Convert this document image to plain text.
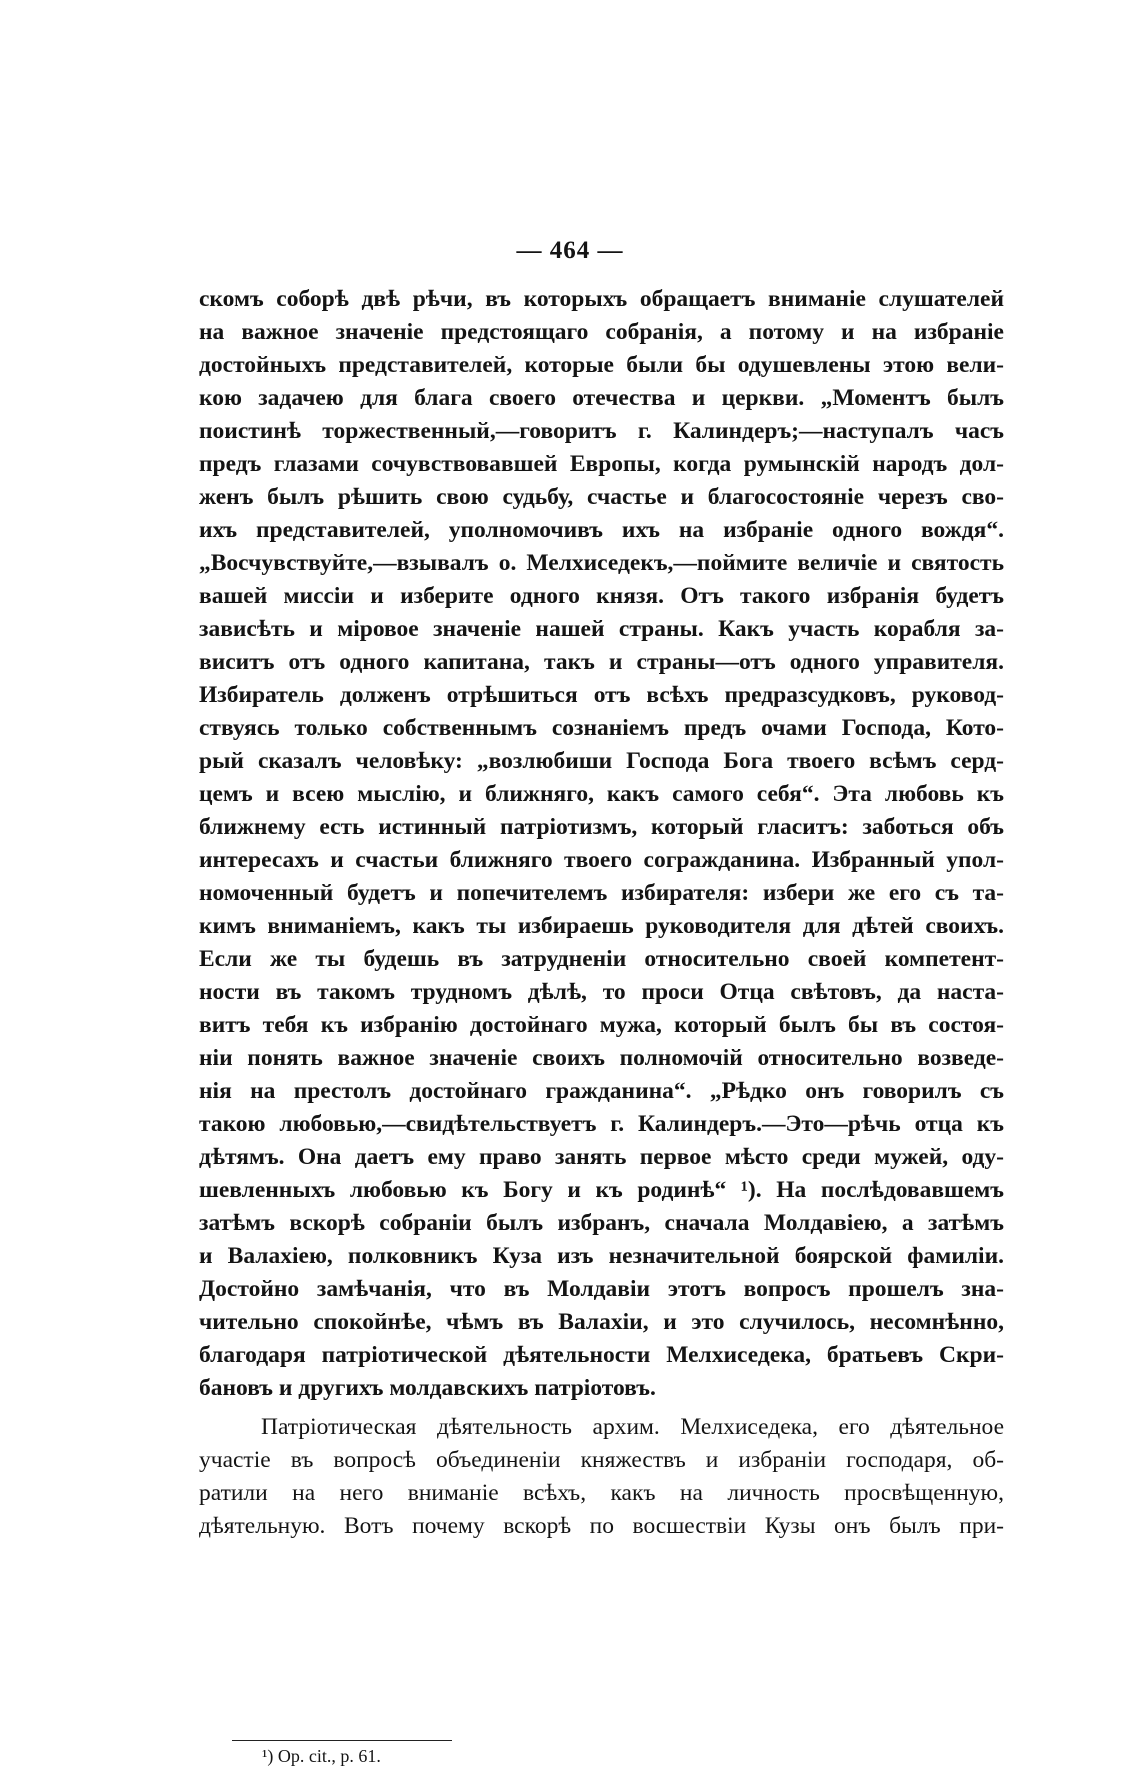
— 464 —
скомъ соборѣ двѣ рѣчи, въ которыхъ обращаетъ вниманіе слушателей
на важное значеніе предстоящаго собранія, а потому и на избраніе
достойныхъ представителей, которые были бы одушевлены этою вели-
кою задачею для блага своего отечества и церкви. „Моментъ былъ
поистинѣ торжественный,—говоритъ г. Калиндеръ;—наступалъ часъ
предъ глазами сочувствовавшей Европы, когда румынскій народъ дол-
женъ былъ рѣшить свою судьбу, счастье и благосостояніе черезъ сво-
ихъ представителей, уполномочивъ ихъ на избраніе одного вождя“.
„Восчувствуйте,—взывалъ о. Мелхиседекъ,—поймите величіе и святость
вашей миссіи и изберите одного князя. Отъ такого избранія будетъ
зависѣть и міровое значеніе нашей страны. Какъ участь корабля за-
виситъ отъ одного капитана, такъ и страны—отъ одного управителя.
Избиратель долженъ отрѣшиться отъ всѣхъ предразсудковъ, руковод-
ствуясь только собственнымъ сознаніемъ предъ очами Господа, Кото-
рый сказалъ человѣку: „возлюбиши Господа Бога твоего всѣмъ серд-
цемъ и всею мыслію, и ближняго, какъ самого себя“. Эта любовь къ
ближнему есть истинный патріотизмъ, который гласитъ: заботься объ
интересахъ и счастьи ближняго твоего согражданина. Избранный упол-
номоченный будетъ и попечителемъ избирателя: избери же его съ та-
кимъ вниманіемъ, какъ ты избираешь руководителя для дѣтей своихъ.
Если же ты будешь въ затрудненіи относительно своей компетент-
ности въ такомъ трудномъ дѣлѣ, то проси Отца свѣтовъ, да наста-
витъ тебя къ избранію достойнаго мужа, который былъ бы въ состоя-
ніи понять важное значеніе своихъ полномочій относительно возведе-
нія на престолъ достойнаго гражданина“. „Рѣдко онъ говорилъ съ
такою любовью,—свидѣтельствуетъ г. Калиндеръ.—Это—рѣчь отца къ
дѣтямъ. Она даетъ ему право занять первое мѣсто среди мужей, оду-
шевленныхъ любовью къ Богу и къ родинѣ“ ¹). На послѣдовавшемъ
затѣмъ вскорѣ собраніи былъ избранъ, сначала Молдавіею, а затѣмъ
и Валахіею, полковникъ Куза изъ незначительной боярской фамиліи.
Достойно замѣчанія, что въ Молдавіи этотъ вопросъ прошелъ зна-
чительно спокойнѣе, чѣмъ въ Валахіи, и это случилось, несомнѣнно,
благодаря патріотической дѣятельности Мелхиседека, братьевъ Скри-
бановъ и другихъ молдавскихъ патріотовъ.
Патріотическая дѣятельность архим. Мелхиседека, его дѣятельное
участіе въ вопросѣ объединеніи княжествъ и избраніи господаря, об-
ратили на него вниманіе всѣхъ, какъ на личность просвѣщенную,
дѣятельную. Вотъ почему вскорѣ по восшествіи Кузы онъ былъ при-
¹) Op. cit., p. 61.
